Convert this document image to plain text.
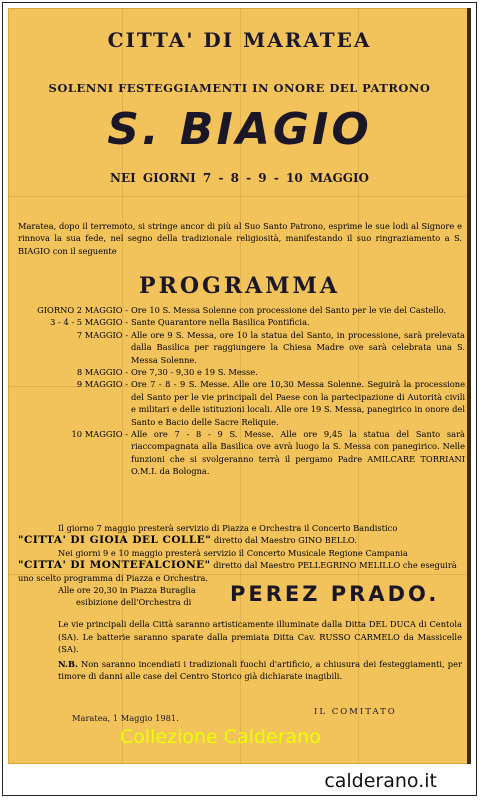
CITTA' DI MARATEA
SOLENNI FESTEGGIAMENTI IN ONORE DEL PATRONO
S. BIAGIO
NEI GIORNI 7 - 8 - 9 - 10 MAGGIO

Maratea, dopo il terremoto, si stringe ancor di più al Suo Santo Patrono, esprime le sue lodi al Signore e rinnova la sua fede, nel segno della tradizionale religiosità, manifestando il suo ringraziamento a S. BIAGIO con il seguente

PROGRAMMA
GIORNO 2 MAGGIO - Ore 10 S. Messa Solenne con processione del Santo per le vie del Castello.
3 - 4 - 5 MAGGIO - Sante Quarantore nella Basilica Pontificia.
7 MAGGIO - Alle ore 9 S. Messa, ore 10 la statua del Santo, in processione, sarà prelevata dalla Basilica per raggiungere la Chiesa Madre ove sarà celebrata una S. Messa Solenne.
8 MAGGIO - Ore 7,30 - 9,30 e 19 S. Messe.
9 MAGGIO - Ore 7 - 8 - 9 S. Messe. Alle ore 10,30 Messa Solenne. Seguirà la processione del Santo per le vie principali del Paese con la partecipazione di Autorità civili e militari e delle istituzioni locali. Alle ore 19 S. Messa, panegirico in onore del Santo e Bacio delle Sacre Reliquie.
10 MAGGIO - Alle ore 7 - 8 - 9 S. Messe. Alle ore 9,45 la statua del Santo sarà riaccompagnata alla Basilica ove avrà luogo la S. Messa con panegirico. Nelle funzioni che si svolgeranno terrà il pergamo Padre AMILCARE TORRIANI O.M.I. da Bologna.

Il giorno 7 maggio presterà servizio di Piazza e Orchestra il Concerto Bandistico

"CITTA' DI GIOIA DEL COLLE" diretto dal Maestro GINO BELLO.

Nei giorni 9 e 10 maggio presterà servizio il Concerto Musicale Regione Campania

"CITTA' DI MONTEFALCIONE" diretto dal Maestro PELLEGRINO MELILLO che eseguirà uno scelto programma di Piazza e Orchestra.

Alle ore 20,30 in Piazza Buraglia

esibizione dell'Orchestra di PEREZ PRADO.

Le vie principali della Città saranno artisticamente illuminate dalla Ditta DEL DUCA di Centola (SA). Le batterie saranno sparate dalla premiata Ditta Cav. RUSSO CARMELO da Massicelle (SA).

N.B. Non saranno incendiati i tradizionali fuochi d'artificio, a chiusura dei festeggiamenti, per timore di danni alle case del Centro Storico già dichiarate inagibili.

Maratea, 1 Maggio 1981.
IL COMITATO
Collezione Calderano
calderano.it
